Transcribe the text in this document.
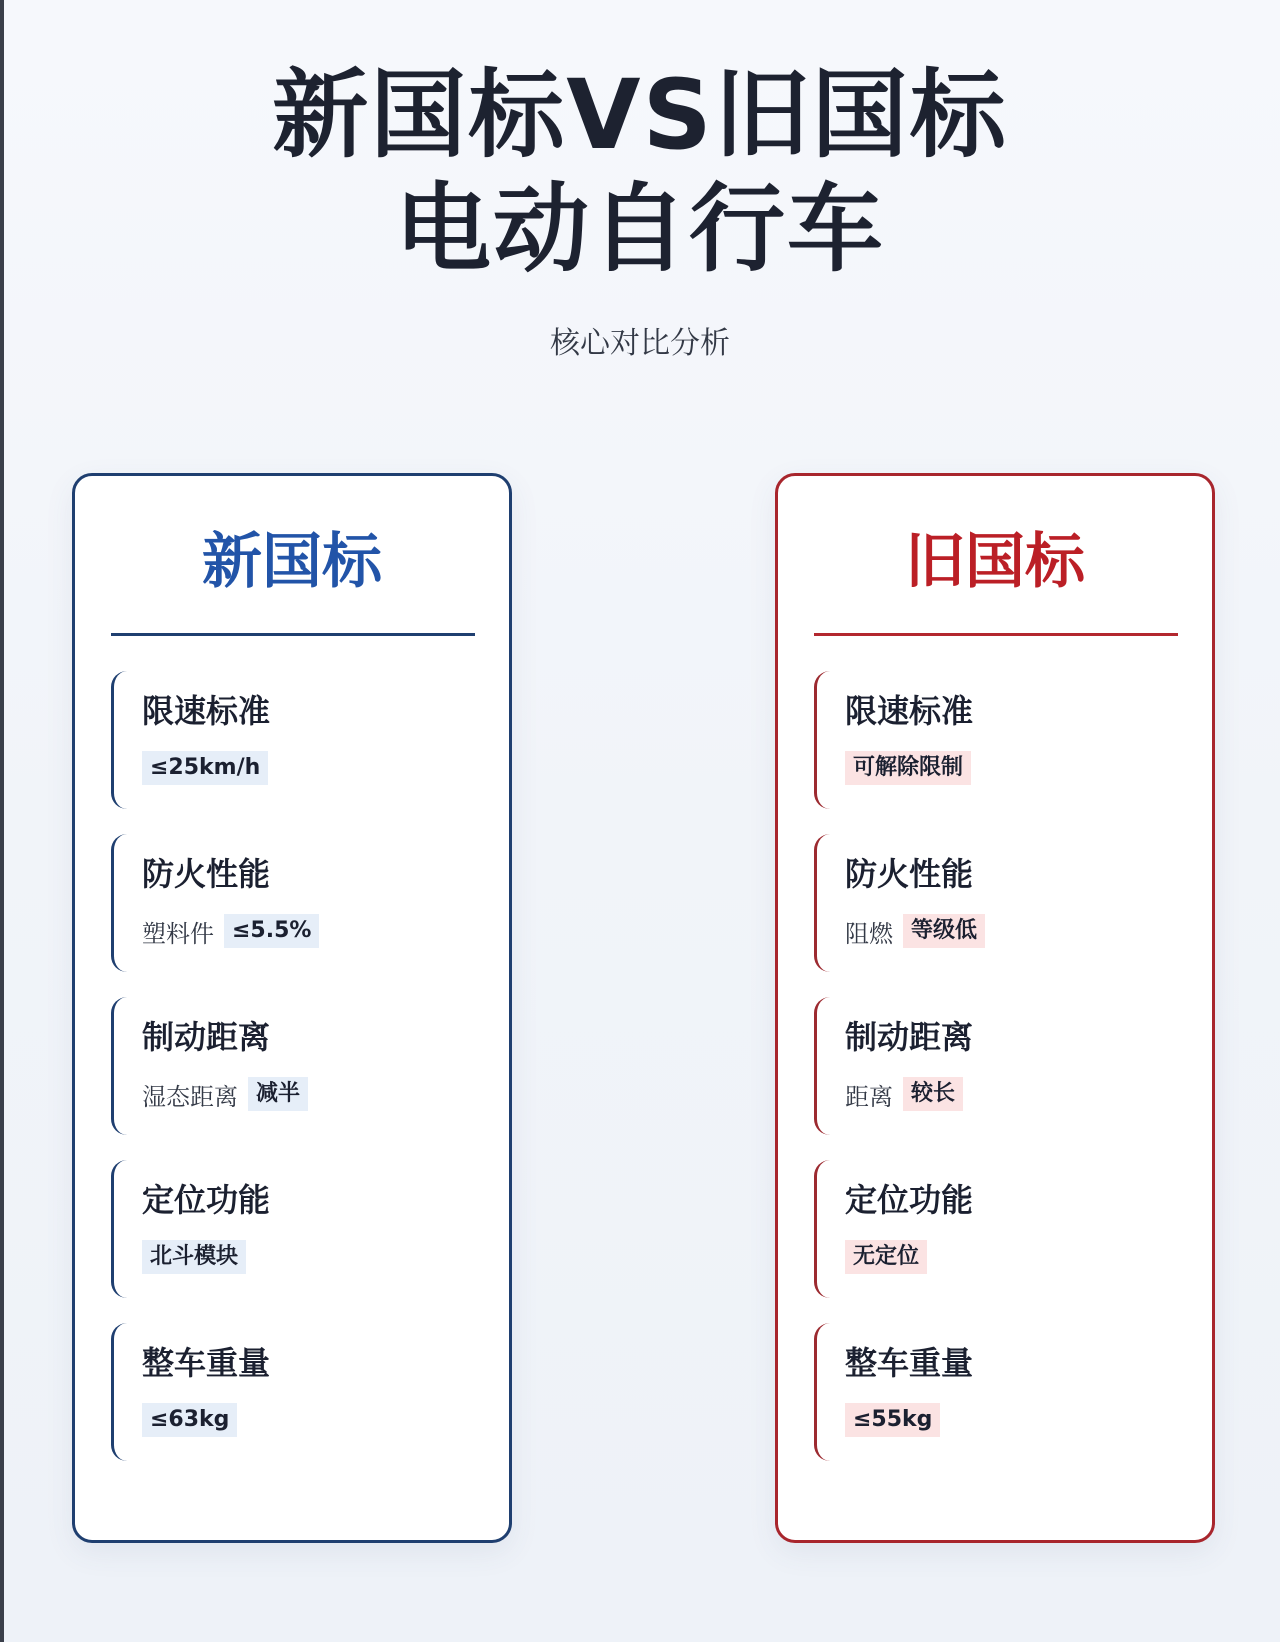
新国标VS旧国标
电动自行车
核心对比分析
新国标
限速标准
≤25km/h
防火性能
塑料件 ≤5.5%
制动距离
湿态距离 减半
定位功能
北斗模块
整车重量
≤63kg
旧国标
限速标准
可解除限制
防火性能
阻燃 等级低
制动距离
距离 较长
定位功能
无定位
整车重量
≤55kg
